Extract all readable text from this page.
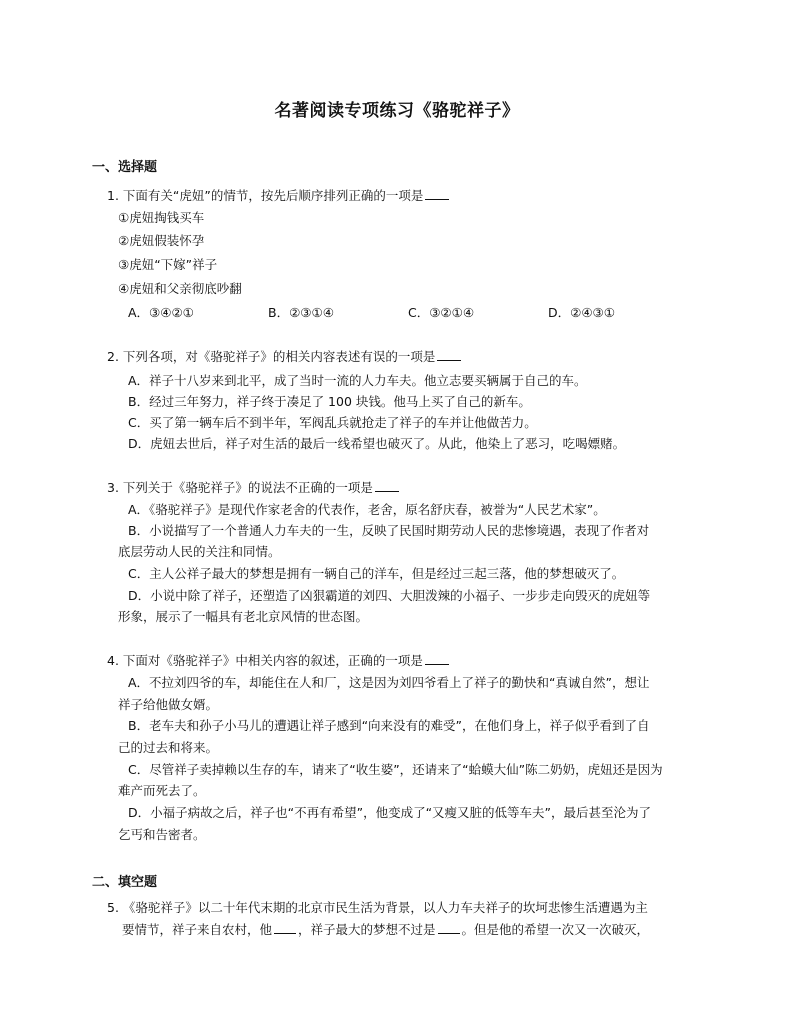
名著阅读专项练习《骆驼祥子》
一、选择题
1. 下面有关“虎妞”的情节，按先后顺序排列正确的一项是
①虎妞掏钱买车
②虎妞假装怀孕
③虎妞“下嫁”祥子
④虎妞和父亲彻底吵翻
A．③④②①	B．②③①④	C．③②①④	D．②④③①
2. 下列各项，对《骆驼祥子》的相关内容表述有误的一项是
A．祥子十八岁来到北平，成了当时一流的人力车夫。他立志要买辆属于自己的车。
B．经过三年努力，祥子终于凑足了 100 块钱。他马上买了自己的新车。
C．买了第一辆车后不到半年，军阀乱兵就抢走了祥子的车并让他做苦力。
D．虎妞去世后，祥子对生活的最后一线希望也破灭了。从此，他染上了恶习，吃喝嫖赌。
3. 下列关于《骆驼祥子》的说法不正确的一项是
A．《骆驼祥子》是现代作家老舍的代表作，老舍，原名舒庆春，被誉为“人民艺术家”。
B．小说描写了一个普通人力车夫的一生，反映了民国时期劳动人民的悲惨境遇，表现了作者对
底层劳动人民的关注和同情。
C．主人公祥子最大的梦想是拥有一辆自己的洋车，但是经过三起三落，他的梦想破灭了。
D．小说中除了祥子，还塑造了凶狠霸道的刘四、大胆泼辣的小福子、一步步走向毁灭的虎妞等
形象，展示了一幅具有老北京风情的世态图。
4. 下面对《骆驼祥子》中相关内容的叙述，正确的一项是
A．不拉刘四爷的车，却能住在人和厂，这是因为刘四爷看上了祥子的勤快和“真诚自然”，想让
祥子给他做女婿。
B．老车夫和孙子小马儿的遭遇让祥子感到“向来没有的难受”，在他们身上，祥子似乎看到了自
己的过去和将来。
C．尽管祥子卖掉赖以生存的车，请来了“收生婆”，还请来了“蛤蟆大仙”陈二奶奶，虎妞还是因为
难产而死去了。
D．小福子病故之后，祥子也“不再有希望”，他变成了“又瘦又脏的低等车夫”，最后甚至沦为了
乞丐和告密者。
二、填空题
5. 《骆驼祥子》以二十年代末期的北京市民生活为背景，以人力车夫祥子的坎坷悲惨生活遭遇为主
要情节，祥子来自农村，他 ，祥子最大的梦想不过是 。但是他的希望一次又一次破灭，
